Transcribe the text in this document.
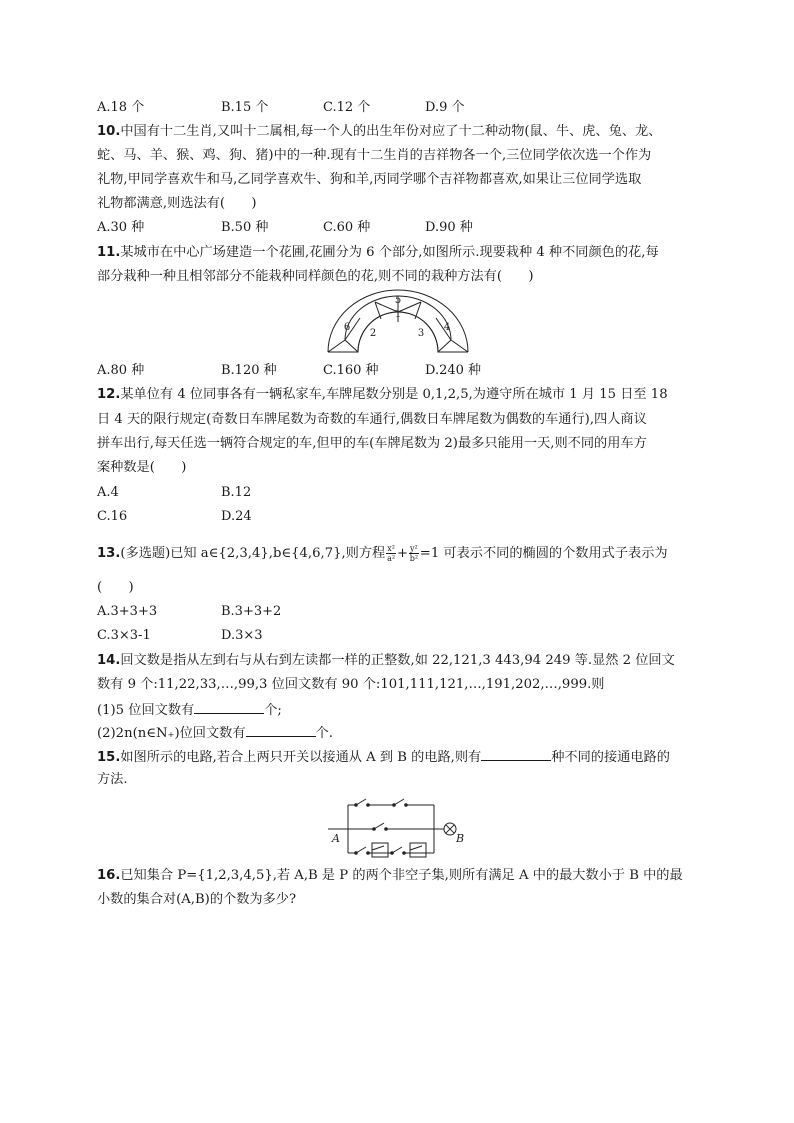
A.18 个	B.15 个	C.12 个	D.9 个
10.中国有十二生肖,又叫十二属相,每一个人的出生年份对应了十二种动物(鼠、牛、虎、兔、龙、
蛇、马、羊、猴、鸡、狗、猪)中的一种.现有十二生肖的吉祥物各一个,三位同学依次选一个作为
礼物,甲同学喜欢牛和马,乙同学喜欢牛、狗和羊,丙同学哪个吉祥物都喜欢,如果让三位同学选取
礼物都满意,则选法有(　　)
A.30 种	B.50 种	C.60 种	D.90 种
11.某城市在中心广场建造一个花圃,花圃分为 6 个部分,如图所示.现要栽种 4 种不同颜色的花,每
部分栽种一种且相邻部分不能栽种同样颜色的花,则不同的栽种方法有(　　)
5
1
2	3
6	4
A.80 种	B.120 种	C.160 种	D.240 种
12.某单位有 4 位同事各有一辆私家车,车牌尾数分别是 0,1,2,5,为遵守所在城市 1 月 15 日至 18
日 4 天的限行规定(奇数日车牌尾数为奇数的车通行,偶数日车牌尾数为偶数的车通行),四人商议
拼车出行,每天任选一辆符合规定的车,但甲的车(车牌尾数为 2)最多只能用一天,则不同的用车方
案种数是(　　)
A.4	B.12
C.16	D.24
13.(多选题)已知 a∈{2,3,4},b∈{4,6,7},则方程 $\frac{\text{x²}}{\text{a²}} + \frac{\text{y²}}{\text{b²}} =1$ 可表示不同的椭圆的个数用式子表示为
(　　)
A.3+3+3	B.3+3+2
C.3×3-1	D.3×3
14.回文数是指从左到右与从右到左读都一样的正整数,如 22,121,3 443,94 249 等.显然 2 位回文
数有 9 个:11,22,33,…,99,3 位回文数有 90 个:101,111,121,…,191,202,…,999.则
(1)5 位回文数有	个;
(2)2n(n∈N₊)位回文数有	个.
15.如图所示的电路,若合上两只开关以接通从 A 到 B 的电路,则有	种不同的接通电路的
方法.
A	B
16.已知集合 P={1,2,3,4,5},若 A,B 是 P 的两个非空子集,则所有满足 A 中的最大数小于 B 中的最
小数的集合对(A,B)的个数为多少?
